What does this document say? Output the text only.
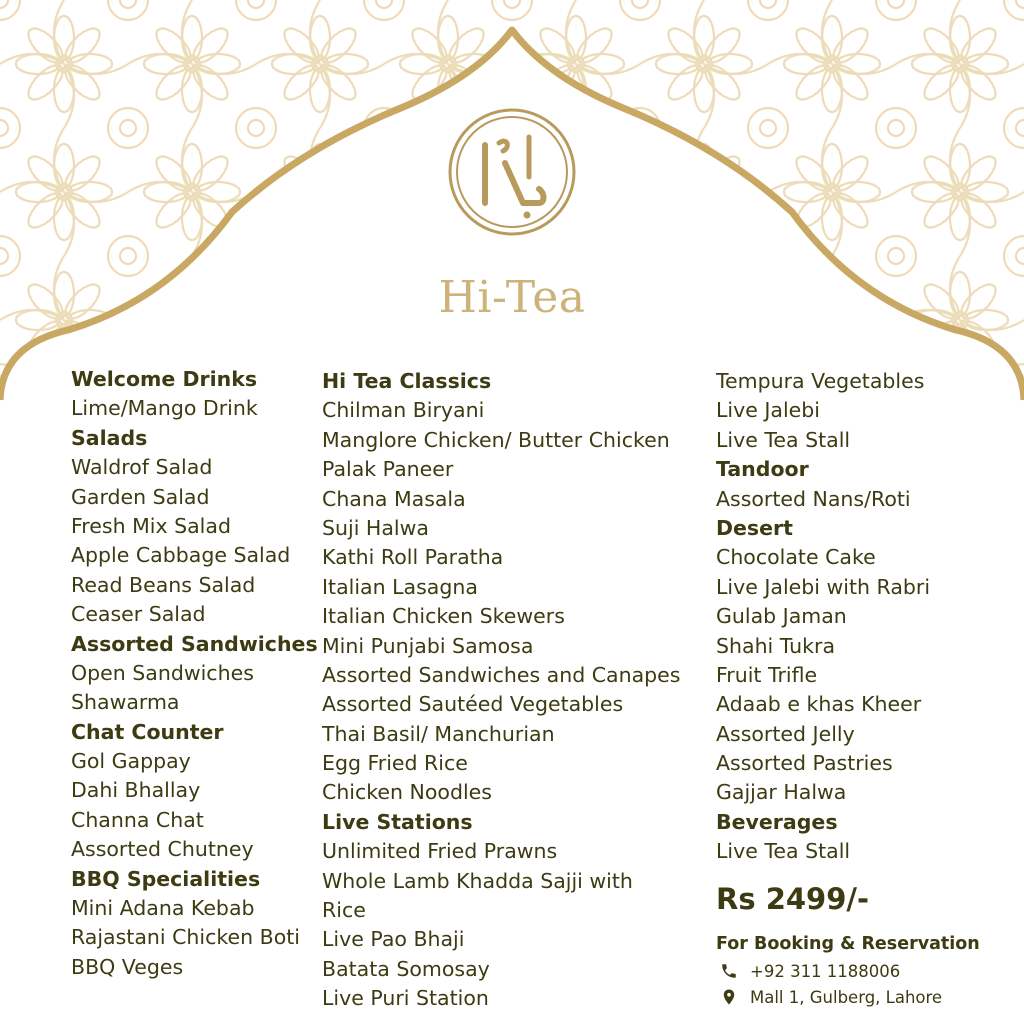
Hi-Tea
Welcome Drinks
Lime/Mango Drink
Salads
Waldrof Salad
Garden Salad
Fresh Mix Salad
Apple Cabbage Salad
Read Beans Salad
Ceaser Salad
Assorted Sandwiches
Open Sandwiches
Shawarma
Chat Counter
Gol Gappay
Dahi Bhallay
Channa Chat
Assorted Chutney
BBQ Specialities
Mini Adana Kebab
Rajastani Chicken Boti
BBQ Veges
Hi Tea Classics
Chilman Biryani
Manglore Chicken/ Butter Chicken
Palak Paneer
Chana Masala
Suji Halwa
Kathi Roll Paratha
Italian Lasagna
Italian Chicken Skewers
Mini Punjabi Samosa
Assorted Sandwiches and Canapes
Assorted Sautéed Vegetables
Thai Basil/ Manchurian
Egg Fried Rice
Chicken Noodles
Live Stations
Unlimited Fried Prawns
Whole Lamb Khadda Sajji with
Rice
Live Pao Bhaji
Batata Somosay
Live Puri Station
Tempura Vegetables
Live Jalebi
Live Tea Stall
Tandoor
Assorted Nans/Roti
Desert
Chocolate Cake
Live Jalebi with Rabri
Gulab Jaman
Shahi Tukra
Fruit Trifle
Adaab e khas Kheer
Assorted Jelly
Assorted Pastries
Gajjar Halwa
Beverages
Live Tea Stall
Rs 2499/-
For Booking & Reservation
+92 311 1188006
Mall 1, Gulberg, Lahore
